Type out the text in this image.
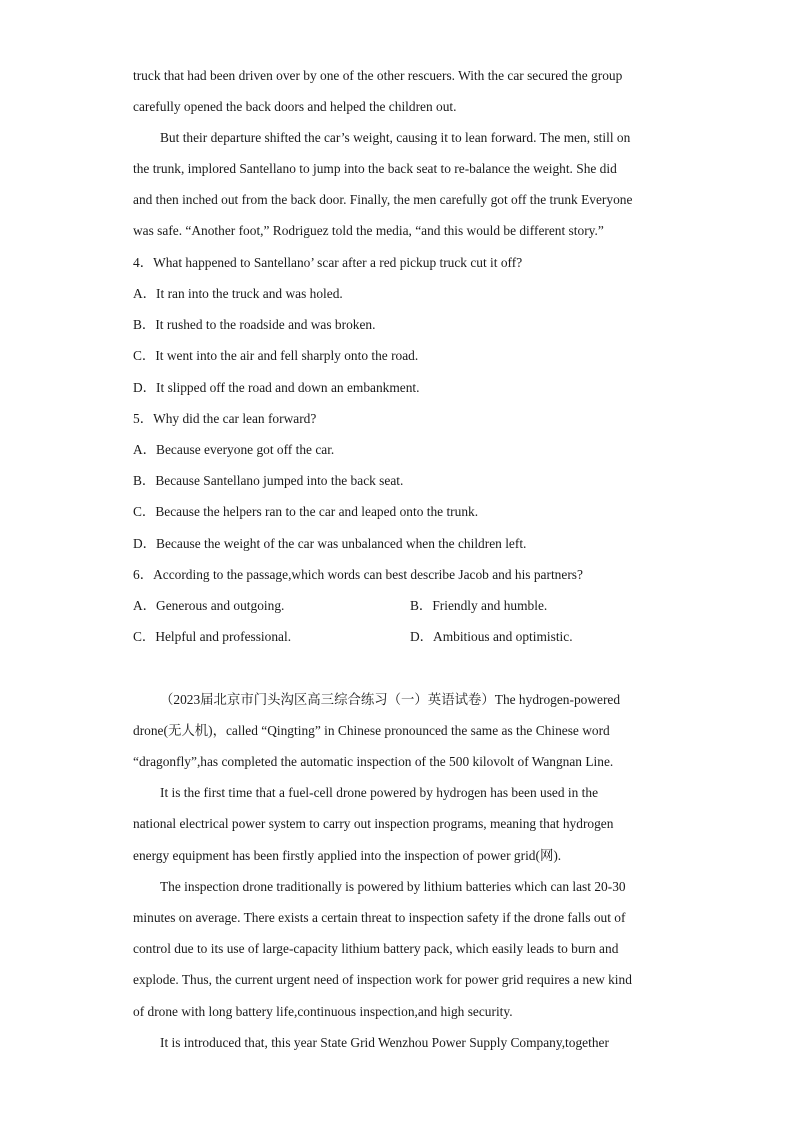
truck that had been driven over by one of the other rescuers. With the car secured the group
carefully opened the back doors and helped the children out.
But their departure shifted the car’s weight, causing it to lean forward. The men, still on
the trunk, implored Santellano to jump into the back seat to re-balance the weight. She did
and then inched out from the back door. Finally, the men carefully got off the trunk Everyone
was safe. “Another foot,” Rodriguez told the media, “and this would be different story.”
4．What happened to Santellano’ scar after a red pickup truck cut it off?
A．It ran into the truck and was holed.
B．It rushed to the roadside and was broken.
C．It went into the air and fell sharply onto the road.
D．It slipped off the road and down an embankment.
5．Why did the car lean forward?
A．Because everyone got off the car.
B．Because Santellano jumped into the back seat.
C．Because the helpers ran to the car and leaped onto the trunk.
D．Because the weight of the car was unbalanced when the children left.
6．According to the passage,which words can best describe Jacob and his partners?
A．Generous and outgoing.	B．Friendly and humble.
C．Helpful and professional.	D．Ambitious and optimistic.
（2023届北京市门头沟区高三综合练习（一）英语试卷）The hydrogen-powered
drone(无人机)，called “Qingting” in Chinese pronounced the same as the Chinese word
“dragonfly”,has completed the automatic inspection of the 500 kilovolt of Wangnan Line.
It is the first time that a fuel-cell drone powered by hydrogen has been used in the
national electrical power system to carry out inspection programs, meaning that hydrogen
energy equipment has been firstly applied into the inspection of power grid(网).
The inspection drone traditionally is powered by lithium batteries which can last 20-30
minutes on average. There exists a certain threat to inspection safety if the drone falls out of
control due to its use of large-capacity lithium battery pack, which easily leads to burn and
explode. Thus, the current urgent need of inspection work for power grid requires a new kind
of drone with long battery life,continuous inspection,and high security.
It is introduced that, this year State Grid Wenzhou Power Supply Company,together
